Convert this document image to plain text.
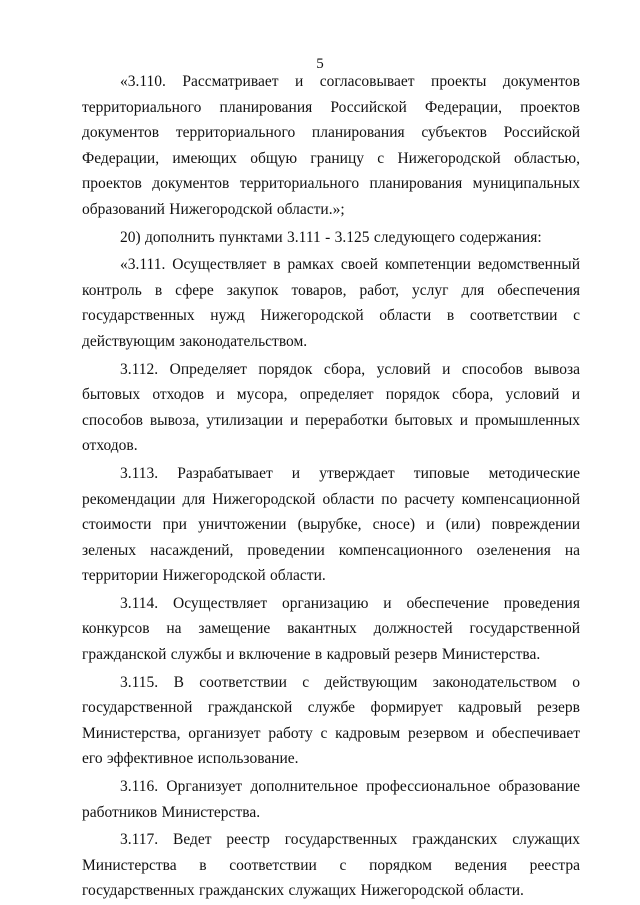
5

«3.110. Рассматривает и согласовывает проекты документов территориального планирования Российской Федерации, проектов документов территориального планирования субъектов Российской Федерации, имеющих общую границу с Нижегородской областью, проектов документов территориального планирования муниципальных образований Нижегородской области.»;

20) дополнить пунктами 3.111 - 3.125 следующего содержания:

«3.111. Осуществляет в рамках своей компетенции ведомственный контроль в сфере закупок товаров, работ, услуг для обеспечения государственных нужд Нижегородской области в соответствии с действующим законодательством.

3.112. Определяет порядок сбора, условий и способов вывоза бытовых отходов и мусора, определяет порядок сбора, условий и способов вывоза, утилизации и переработки бытовых и промышленных отходов.

3.113. Разрабатывает и утверждает типовые методические рекомендации для Нижегородской области по расчету компенсационной стоимости при уничтожении (вырубке, сносе) и (или) повреждении зеленых насаждений, проведении компенсационного озеленения на территории Нижегородской области.

3.114. Осуществляет организацию и обеспечение проведения конкурсов на замещение вакантных должностей государственной гражданской службы и включение в кадровый резерв Министерства.

3.115. В соответствии с действующим законодательством о государственной гражданской службе формирует кадровый резерв Министерства, организует работу с кадровым резервом и обеспечивает его эффективное использование.

3.116. Организует дополнительное профессиональное образование работников Министерства.

3.117. Ведет реестр государственных гражданских служащих Министерства в соответствии с порядком ведения реестра государственных гражданских служащих Нижегородской области.
